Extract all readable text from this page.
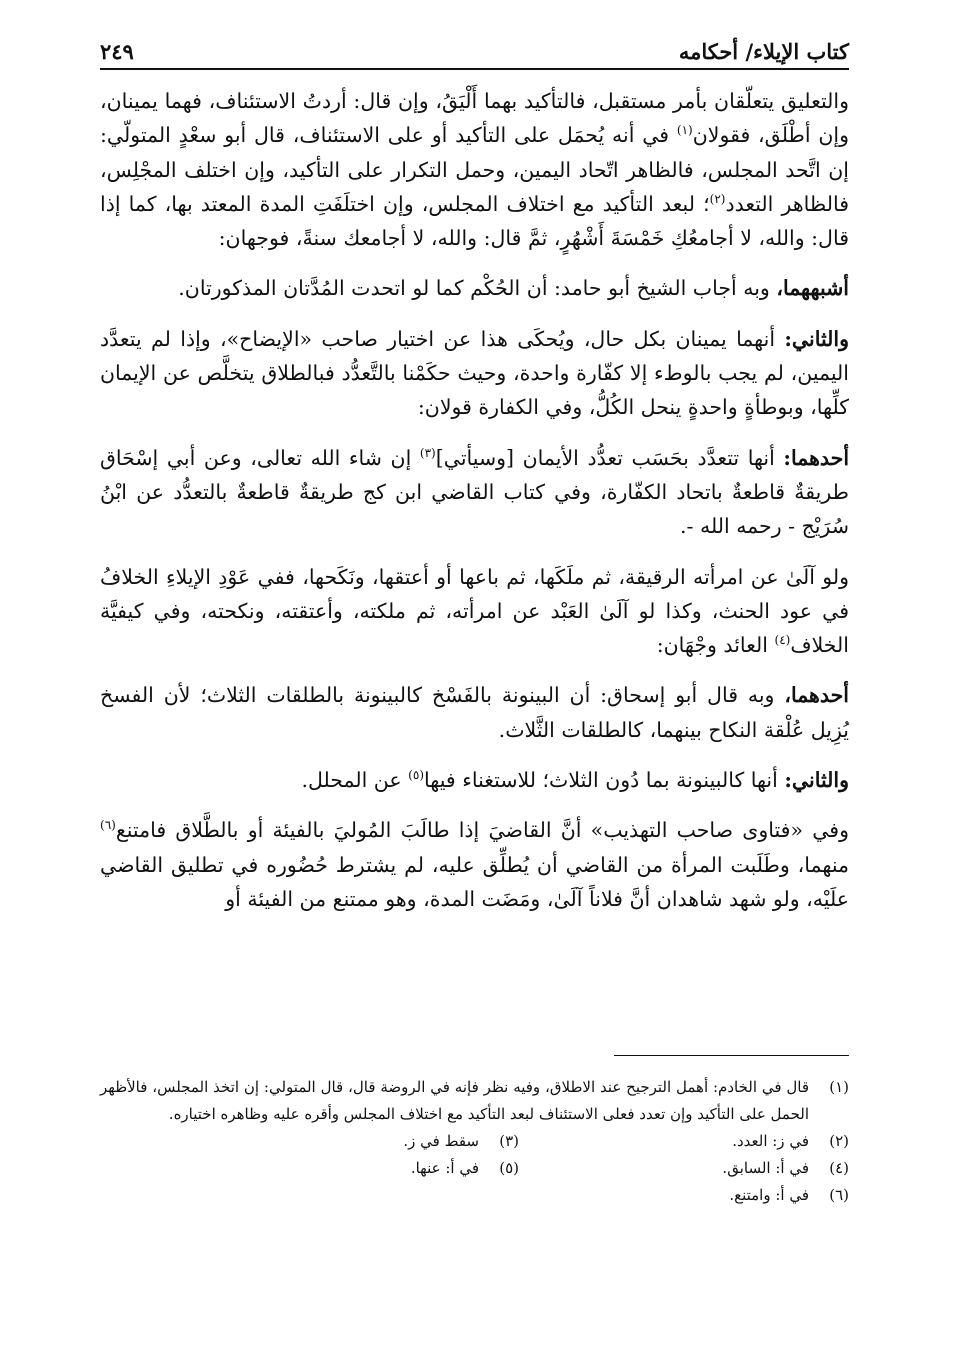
كتاب الإيلاء/ أحكامه
٢٤٩

والتعليق يتعلّقان بأمر مستقبل، فالتأكيد بهما أَلْيَقُ، وإن قال: أردتُ الاستئناف، فهما يمينان، وإن أطْلَق، فقولان$^{(١)}$ في أنه يُحمَل على التأكيد أو على الاستئناف، قال أبو سعْدٍ المتولّي: إن اتَّحد المجلس، فالظاهر اتّحاد اليمين، وحمل التكرار على التأكيد، وإن اختلف المجْلِس، فالظاهر التعدد$^{(٢)}$؛ لبعد التأكيد مع اختلاف المجلس، وإن اختلَفَتِ المدة المعتد بها، كما إذا قال: والله، لا أجامعُكِ خَمْسَةَ أَشْهُرٍ، ثمَّ قال: والله، لا أجامعك سنةً، فوجهان:

أشبههما، وبه أجاب الشيخ أبو حامد: أن الحُكْم كما لو اتحدت المُدَّتان المذكورتان.

والثاني: أنهما يمينان بكل حال، ويُحكَى هذا عن اختيار صاحب «الإيضاح»، وإذا لم يتعدَّد اليمين، لم يجب بالوطء إلا كفّارة واحدة، وحيث حكَمْنا بالتَّعدُّد فبالطلاق يتخلَّص عن الإيمان كلِّها، وبوطأةٍ واحدةٍ ينحل الكُلُّ، وفي الكفارة قولان:

أحدهما: أنها تتعدَّد بحَسَب تعدُّد الأيمان [وسيأتي]$^{(٣)}$ إن شاء الله تعالى، وعن أبي إسْحَاق طريقةٌ قاطعةٌ باتحاد الكفّارة، وفي كتاب القاضي ابن كج طريقةٌ قاطعةٌ بالتعدُّد عن ابْنُ سُرَيْج - رحمه الله -.

ولو آلَىٰ عن امرأته الرقيقة، ثم ملَكَها، ثم باعها أو أعتقها، ونَكَحها، ففي عَوْدِ الإيلاءِ الخلافُ في عود الحنث، وكذا لو آلَىٰ العَبْد عن امرأته، ثم ملكته، وأعتقته، ونكحته، وفي كيفيَّة الخلاف$^{(٤)}$ العائد وجْهَان:

أحدهما، وبه قال أبو إسحاق: أن البينونة بالفَسْخ كالبينونة بالطلقات الثلاث؛ لأن الفسخ يُزِيل عُلْقة النكاح بينهما، كالطلقات الثَّلاث.

والثاني: أنها كالبينونة بما دُون الثلاث؛ للاستغناء فيها$^{(٥)}$ عن المحلل.

وفي «فتاوى صاحب التهذيب» أنَّ القاضيَ إذا طالَبَ المُوليَ بالفيئة أو بالطَّلاق فامتنع$^{(٦)}$ منهما، وطَلَبت المرأة من القاضي أن يُطلِّق عليه، لم يشترط حُضُوره في تطليق القاضي علَيْه، ولو شهد شاهدان أنَّ فلاناً آلَىٰ، ومَضَت المدة، وهو ممتنع من الفيئة أو

(١)
قال في الخادم: أهمل الترجيح عند الاطلاق، وفيه نظر فإنه في الروضة قال، قال المتولي: إن اتخذ المجلس، فالأظهر الحمل على التأكيد وإن تعدد فعلى الاستئناف لبعد التأكيد مع اختلاف المجلس وأقره عليه وظاهره اختياره.
(٢)
في ز: العدد.
(٣)
سقط في ز.
(٤)
في أ: السابق.
(٥)
في أ: عنها.
(٦)
في أ: وامتنع.
